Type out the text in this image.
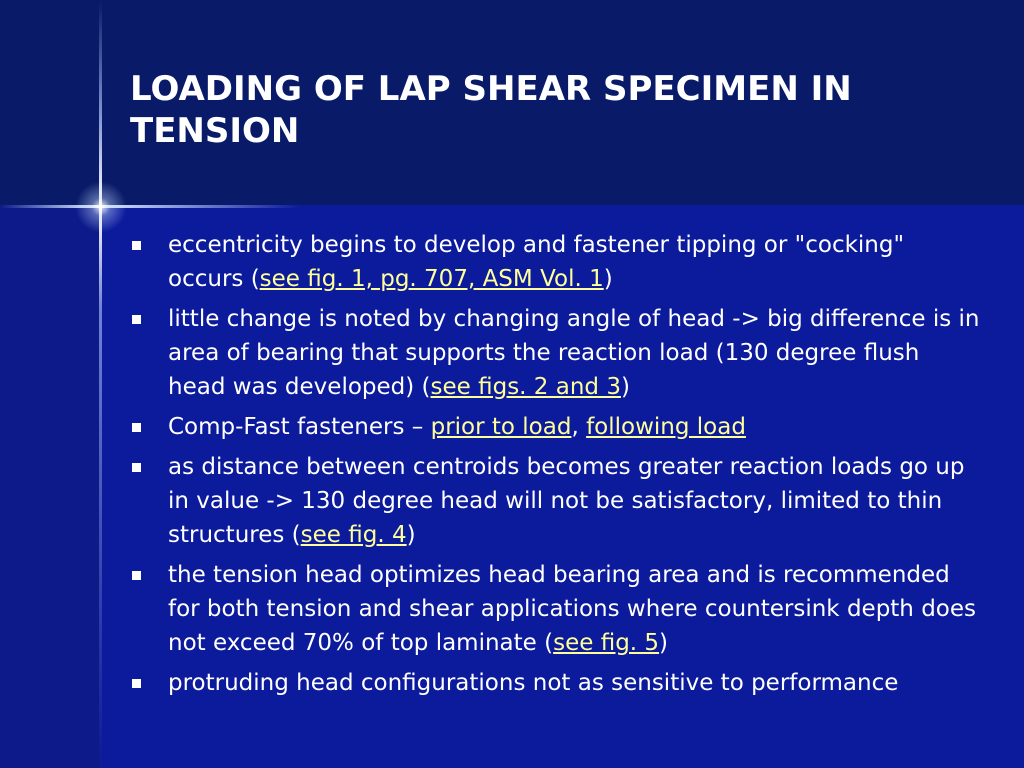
LOADING OF LAP SHEAR SPECIMEN IN TENSION
eccentricity begins to develop and fastener tipping or "cocking" occurs (see fig. 1, pg. 707, ASM Vol. 1)
little change is noted by changing angle of head -> big difference is in area of bearing that supports the reaction load (130 degree flush head was developed) (see figs. 2 and 3)
Comp-Fast fasteners – prior to load, following load
as distance between centroids becomes greater reaction loads go up in value -> 130 degree head will not be satisfactory, limited to thin structures (see fig. 4)
the tension head optimizes head bearing area and is recommended for both tension and shear applications where countersink depth does not exceed 70% of top laminate (see fig. 5)
protruding head configurations not as sensitive to performance
